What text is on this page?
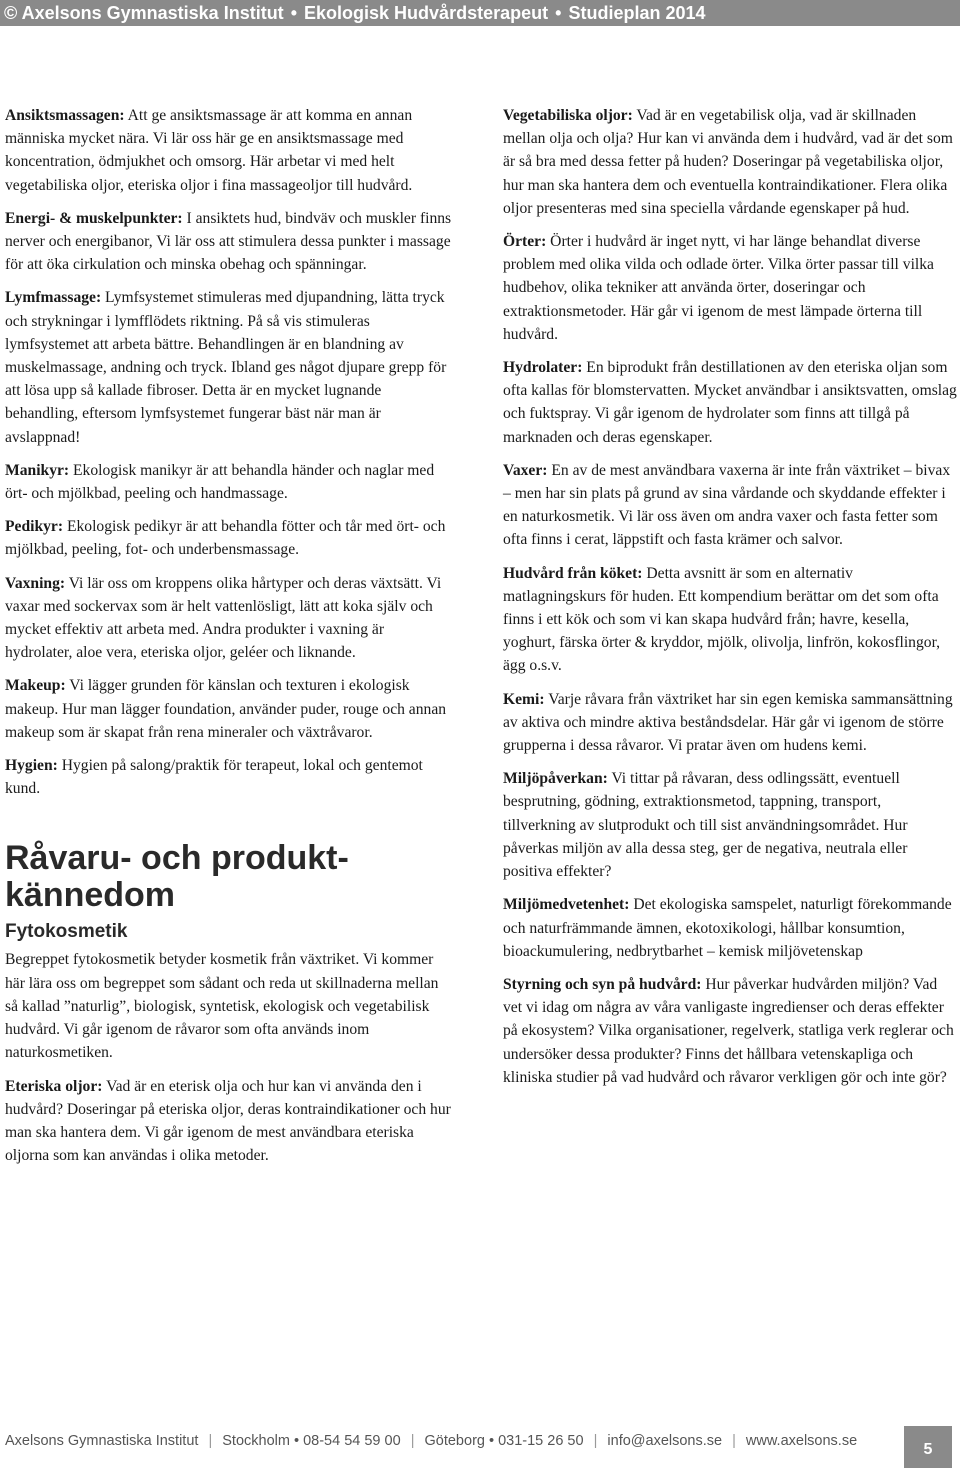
© Axelsons Gymnastiska Institut • Ekologisk Hudvårdsterapeut • Studieplan 2014
Ansiktsmassagen: Att ge ansiktsmassage är att komma en annan människa mycket nära. Vi lär oss här ge en ansiktsmassage med koncentration, ödmjukhet och omsorg. Här arbetar vi med helt vegetabiliska oljor, eteriska oljor i fina massageoljor till hudvård.
Energi- & muskelpunkter: I ansiktets hud, bindväv och muskler finns nerver och energibanor, Vi lär oss att stimulera dessa punkter i massage för att öka cirkulation och minska obehag och spänningar.
Lymfmassage: Lymfsystemet stimuleras med djupandning, lätta tryck och strykningar i lymfflödets riktning. På så vis stimuleras lymfsystemet att arbeta bättre. Behandlingen är en blandning av muskelmassage, andning och tryck. Ibland ges något djupare grepp för att lösa upp så kallade fibroser. Detta är en mycket lugnande behandling, eftersom lymfsystemet fungerar bäst när man är avslappnad!
Manikyr: Ekologisk manikyr är att behandla händer och naglar med ört- och mjölkbad, peeling och handmassage.
Pedikyr: Ekologisk pedikyr är att behandla fötter och tår med ört- och mjölkbad, peeling, fot- och underbensmassage.
Vaxning: Vi lär oss om kroppens olika hårtyper och deras växtsätt. Vi vaxar med sockervax som är helt vattenlösligt, lätt att koka själv och mycket effektiv att arbeta med. Andra produkter i vaxning är hydrolater, aloe vera, eteriska oljor, geléer och liknande.
Makeup: Vi lägger grunden för känslan och texturen i ekologisk makeup. Hur man lägger foundation, använder puder, rouge och annan makeup som är skapat från rena mineraler och växtråvaror.
Hygien: Hygien på salong/praktik för terapeut, lokal och gentemot kund.
Råvaru- och produkt-
kännedom
Fytokosmetik
Begreppet fytokosmetik betyder kosmetik från växtriket. Vi kommer här lära oss om begreppet som sådant och reda ut skillnaderna mellan så kallad ”naturlig”, biologisk, syntetisk, ekologisk och vegetabilisk hudvård. Vi går igenom de råvaror som ofta används inom naturkosmetiken.
Eteriska oljor: Vad är en eterisk olja och hur kan vi använda den i hudvård? Doseringar på eteriska oljor, deras kontraindikationer och hur man ska hantera dem. Vi går igenom de mest användbara eteriska oljorna som kan användas i olika metoder.
Vegetabiliska oljor: Vad är en vegetabilisk olja, vad är skillnaden mellan olja och olja? Hur kan vi använda dem i hudvård, vad är det som är så bra med dessa fetter på huden? Doseringar på vegetabiliska oljor, hur man ska hantera dem och eventuella kontraindikationer. Flera olika oljor presenteras med sina speciella vårdande egenskaper på hud.
Örter: Örter i hudvård är inget nytt, vi har länge behandlat diverse problem med olika vilda och odlade örter. Vilka örter passar till vilka hudbehov, olika tekniker att använda örter, doseringar och extraktionsmetoder. Här går vi igenom de mest lämpade örterna till hudvård.
Hydrolater: En biprodukt från destillationen av den eteriska oljan som ofta kallas för blomstervatten. Mycket användbar i ansiktsvatten, omslag och fuktspray. Vi går igenom de hydrolater som finns att tillgå på marknaden och deras egenskaper.
Vaxer: En av de mest användbara vaxerna är inte från växtriket – bivax – men har sin plats på grund av sina vårdande och skyddande effekter i en naturkosmetik. Vi lär oss även om andra vaxer och fasta fetter som ofta finns i cerat, läppstift och fasta krämer och salvor.
Hudvård från köket: Detta avsnitt är som en alternativ matlagningskurs för huden. Ett kompendium berättar om det som ofta finns i ett kök och som vi kan skapa hudvård från; havre, kesella, yoghurt, färska örter & kryddor, mjölk, olivolja, linfrön, kokosflingor, ägg o.s.v.
Kemi: Varje råvara från växtriket har sin egen kemiska sammansättning av aktiva och mindre aktiva beståndsdelar. Här går vi igenom de större grupperna i dessa råvaror. Vi pratar även om hudens kemi.
Miljöpåverkan: Vi tittar på råvaran, dess odlingssätt, eventuell besprutning, gödning, extraktionsmetod, tappning, transport, tillverkning av slutprodukt och till sist användningsområdet. Hur påverkas miljön av alla dessa steg, ger de negativa, neutrala eller positiva effekter?
Miljömedvetenhet: Det ekologiska samspelet, naturligt förekommande och naturfrämmande ämnen, ekotoxikologi, hållbar konsumtion, bioackumulering, nedbrytbarhet – kemisk miljövetenskap
Styrning och syn på hudvård: Hur påverkar hudvården miljön? Vad vet vi idag om några av våra vanligaste ingredienser och deras effekter på ekosystem? Vilka organisationer, regelverk, statliga verk reglerar och undersöker dessa produkter? Finns det hållbara vetenskapliga och kliniska studier på vad hudvård och råvaror verkligen gör och inte gör?
Axelsons Gymnastiska Institut | Stockholm • 08-54 54 59 00 | Göteborg • 031-15 26 50 | info@axelsons.se | www.axelsons.se	5
